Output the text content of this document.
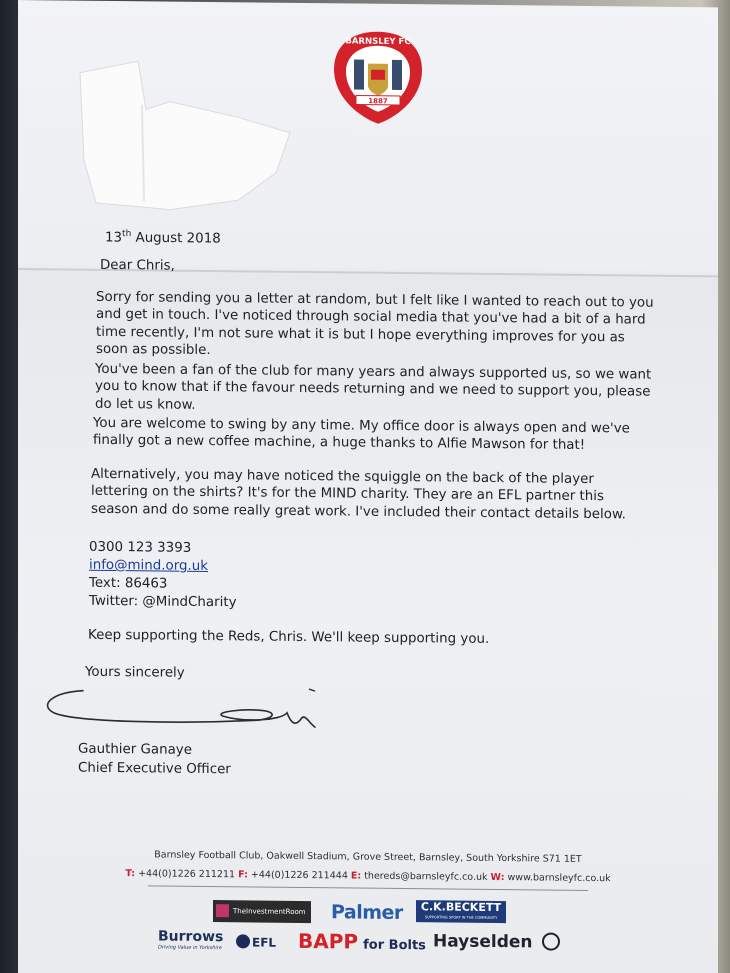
BARNSLEY FC
1887
13th August 2018
Dear Chris,
Sorry for sending you a letter at random, but I felt like I wanted to reach out to you and get in touch. I've noticed through social media that you've had a bit of a hard time recently, I'm not sure what it is but I hope everything improves for you as soon as possible.
You've been a fan of the club for many years and always supported us, so we want you to know that if the favour needs returning and we need to support you, please do let us know.
You are welcome to swing by any time. My office door is always open and we've finally got a new coffee machine, a huge thanks to Alfie Mawson for that!
Alternatively, you may have noticed the squiggle on the back of the player lettering on the shirts? It's for the MIND charity. They are an EFL partner this season and do some really great work. I've included their contact details below.
0300 123 3393
info@mind.org.uk
Text: 86463
Twitter: @MindCharity
Keep supporting the Reds, Chris. We'll keep supporting you.
Yours sincerely
Gauthier Ganaye
Chief Executive Officer
Barnsley Football Club, Oakwell Stadium, Grove Street, Barnsley, South Yorkshire S71 1ET
T: +44(0)1226 211211 F: +44(0)1226 211444 E: thereds@barnsleyfc.co.uk W: www.barnsleyfc.co.uk
TheInvestmentRoom Palmer	C.K.BECKETT
SUPPORTING SPORT IN THE COMMUNITY
Burrows
Driving Value in Yorkshire	EFL BAPP for Bolts Hayselden
